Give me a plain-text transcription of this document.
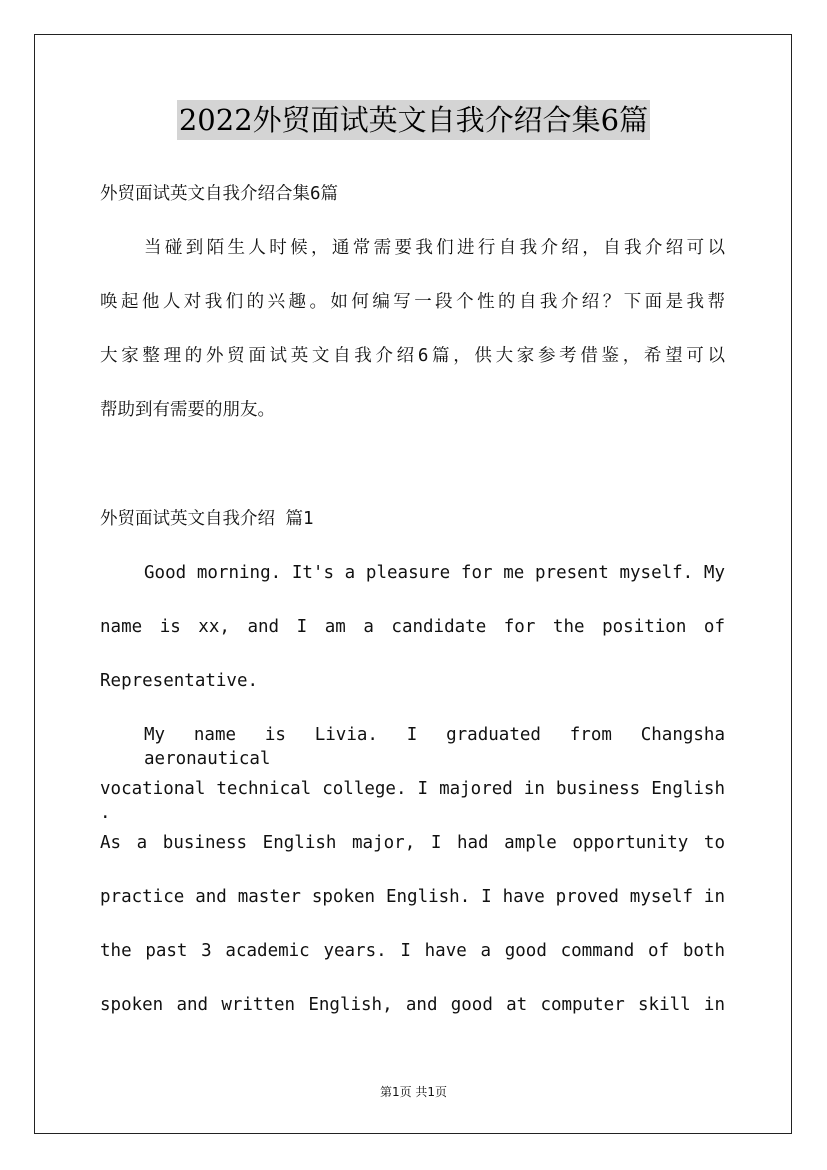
2022外贸面试英文自我介绍合集6篇
外贸面试英文自我介绍合集6篇
当碰到陌生人时候，通常需要我们进行自我介绍，自我介绍可以
唤起他人对我们的兴趣。如何编写一段个性的自我介绍？下面是我帮
大家整理的外贸面试英文自我介绍6篇，供大家参考借鉴，希望可以
帮助到有需要的朋友。
外贸面试英文自我介绍 篇1
Good morning. It's a pleasure for me present myself. My
name is xx, and I am a candidate for the position of
Representative.
My name is Livia. I graduated from Changsha aeronautical
vocational technical college. I majored in business English .
As a business English major, I had ample opportunity to
practice and master spoken English. I have proved myself in
the past 3 academic years. I have a good command of both
spoken and written English, and good at computer skill in
第1页 共1页
